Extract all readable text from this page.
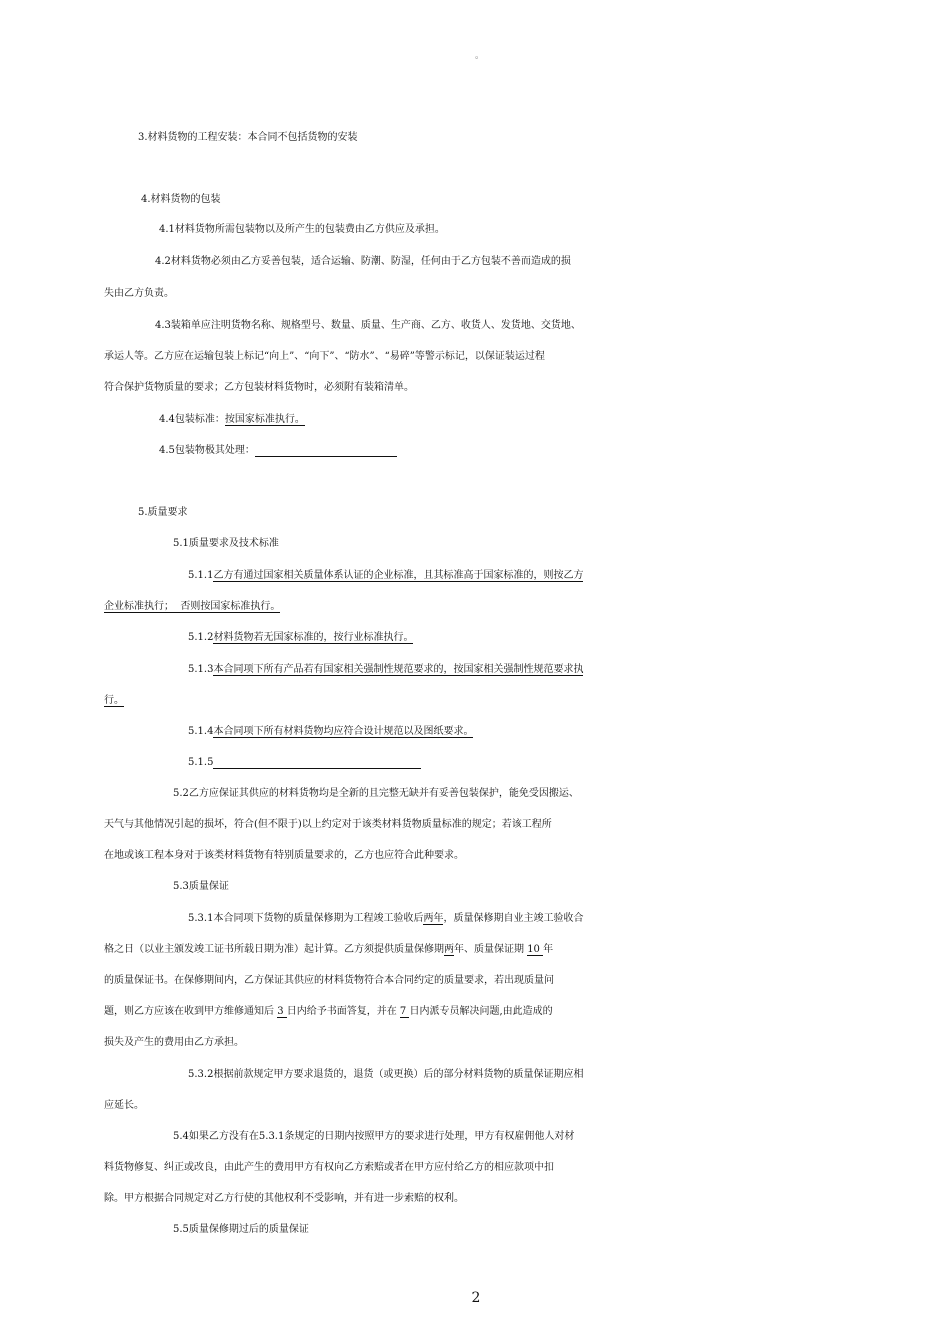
。
3.材料货物的工程安装：本合同不包括货物的安装
4.材料货物的包装
4.1材料货物所需包装物以及所产生的包装费由乙方供应及承担。
4.2材料货物必须由乙方妥善包装，适合运输、防潮、防湿，任何由于乙方包装不善而造成的损
失由乙方负责。
4.3装箱单应注明货物名称、规格型号、数量、质量、生产商、乙方、收货人、发货地、交货地、
承运人等。乙方应在运输包装上标记“向上”、“向下”、“防水”、“易碎”等警示标记，以保证装运过程
符合保护货物质量的要求；乙方包装材料货物时，必须附有装箱清单。
4.4包装标准：按国家标准执行。
4.5包装物极其处理：
5.质量要求
5.1质量要求及技术标准
5.1.1乙方有通过国家相关质量体系认证的企业标准，且其标准高于国家标准的，则按乙方
企业标准执行；  否则按国家标准执行。
5.1.2材料货物若无国家标准的，按行业标准执行。
5.1.3本合同项下所有产品若有国家相关强制性规范要求的，按国家相关强制性规范要求执
行。
5.1.4本合同项下所有材料货物均应符合设计规范以及图纸要求。
5.1.5
5.2乙方应保证其供应的材料货物均是全新的且完整无缺并有妥善包装保护，能免受因搬运、
天气与其他情况引起的损坏，符合(但不限于)以上约定对于该类材料货物质量标准的规定；若该工程所
在地或该工程本身对于该类材料货物有特别质量要求的，乙方也应符合此种要求。
5.3质量保证
5.3.1本合同项下货物的质量保修期为工程竣工验收后两年，质量保修期自业主竣工验收合
格之日（以业主颁发竣工证书所载日期为准）起计算。乙方须提供质量保修期两年、质量保证期 10 年
的质量保证书。在保修期间内，乙方保证其供应的材料货物符合本合同约定的质量要求，若出现质量问
题，则乙方应该在收到甲方维修通知后 3 日内给予书面答复，并在 7 日内派专员解决问题,由此造成的
损失及产生的费用由乙方承担。
5.3.2根据前款规定甲方要求退货的，退货（或更换）后的部分材料货物的质量保证期应相
应延长。
5.4如果乙方没有在5.3.1条规定的日期内按照甲方的要求进行处理，甲方有权雇佣他人对材
料货物修复、纠正或改良，由此产生的费用甲方有权向乙方索赔或者在甲方应付给乙方的相应款项中扣
除。甲方根据合同规定对乙方行使的其他权利不受影响，并有进一步索赔的权利。
5.5质量保修期过后的质量保证
2
